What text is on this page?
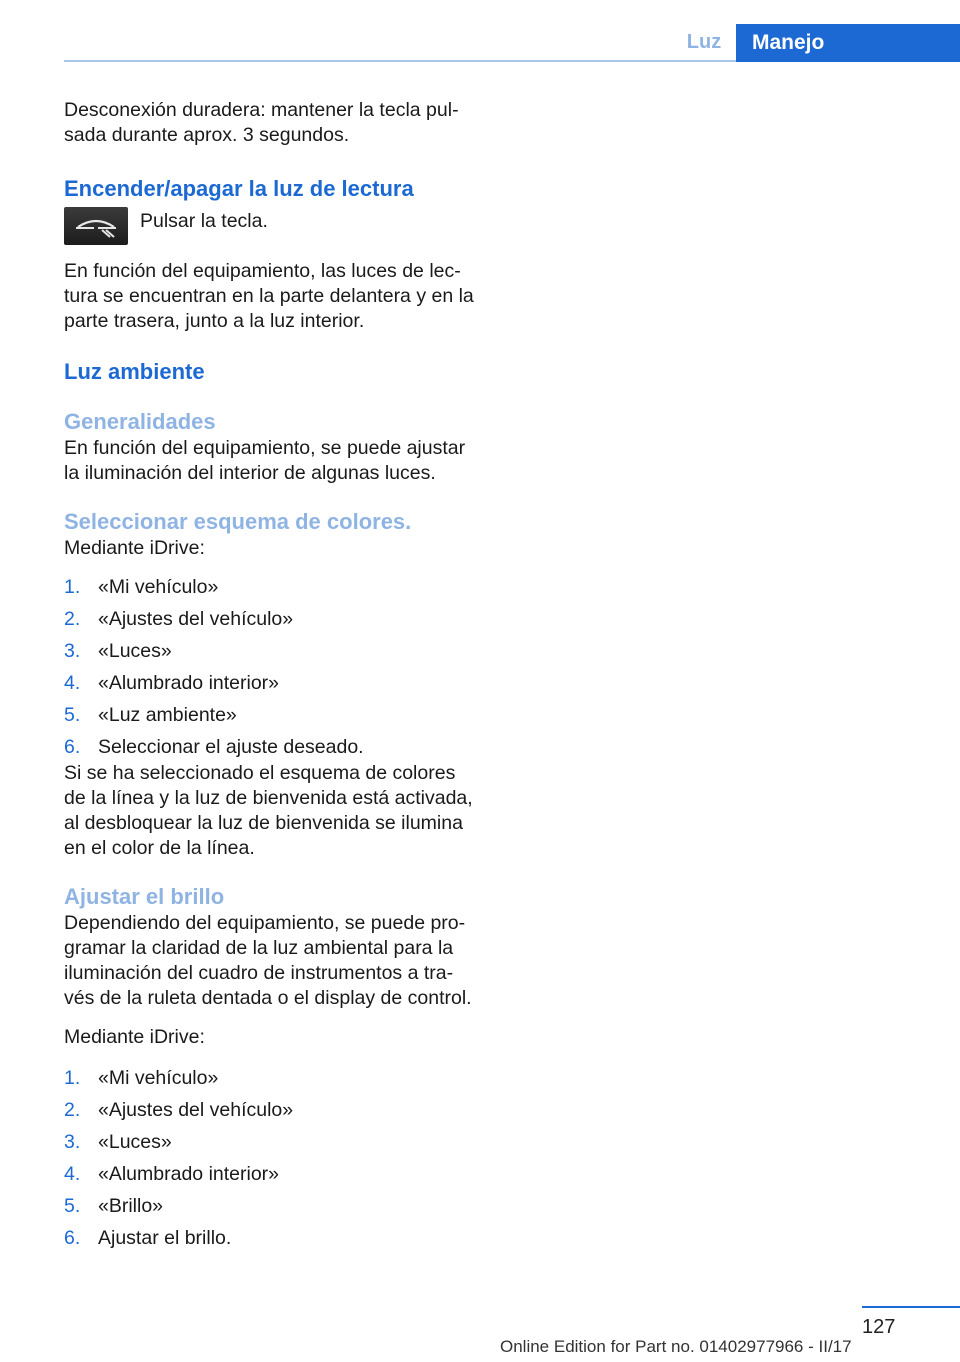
Luz	Manejo

Desconexión duradera: mantener la tecla pul‐sada durante aprox. 3 segundos.

Encender/apagar la luz de lectura
Pulsar la tecla.

En función del equipamiento, las luces de lec‐tura se encuentran en la parte delantera y en la parte trasera, junto a la luz interior.

Luz ambiente
Generalidades

En función del equipamiento, se puede ajustar la iluminación del interior de algunas luces.

Seleccionar esquema de colores.

Mediante iDrive:

1. «Mi vehículo»
2. «Ajustes del vehículo»
3. «Luces»
4. «Alumbrado interior»
5. «Luz ambiente»
6. Seleccionar el ajuste deseado.

Si se ha seleccionado el esquema de colores de la línea y la luz de bienvenida está activada, al desbloquear la luz de bienvenida se ilumina en el color de la línea.

Ajustar el brillo

Dependiendo del equipamiento, se puede pro‐gramar la claridad de la luz ambiental para la iluminación del cuadro de instrumentos a tra‐vés de la ruleta dentada o el display de control.

Mediante iDrive:

1. «Mi vehículo»
2. «Ajustes del vehículo»
3. «Luces»
4. «Alumbrado interior»
5. «Brillo»
6. Ajustar el brillo.
127
Online Edition for Part no. 01402977966 - II/17
